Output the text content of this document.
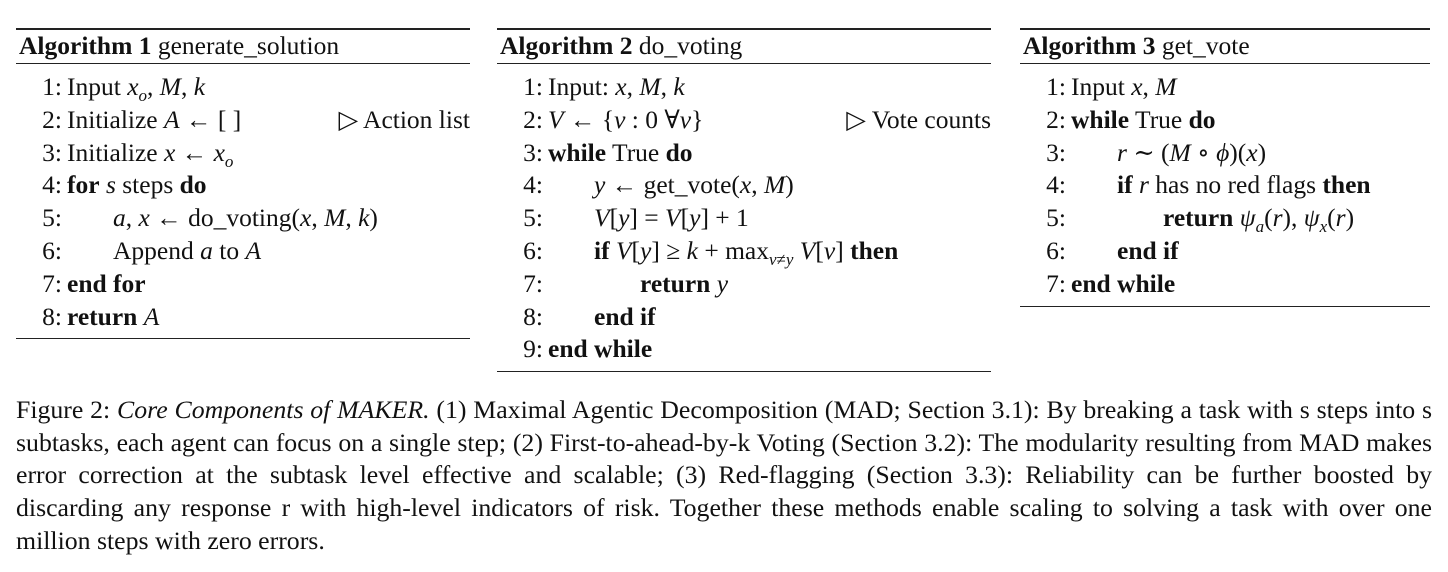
Algorithm 1 generate_solution
1: Input $x_o$, M, k
2: Initialize A ← [ ]	▷ Action list
3: Initialize x ← $x_o$
4: for s steps do
5: a, x ← do_voting(x, M, k)
6: Append a to A
7: end for
8: return A
Algorithm 2 do_voting
1: Input: x, M, k
2: V ← {v : 0 ∀v}	▷ Vote counts
3: while True do
4: y ← get_vote(x, M)
5: V[y] = V[y] + 1
6: if $V[y] \ge k + \max_{v\ne y} V[v]$ then
7:	return y
8: end if
9: end while
Algorithm 3 get_vote
1: Input x, M
2: while True do
3: r ∼ (M ∘ ϕ)(x)
4: if r has no red flags then
5:	return $\psi_a(r)$, $\psi_x(r)$
6: end if
7: end while
Figure 2: Core Components of MAKER. (1) Maximal Agentic Decomposition (MAD; Section 3.1): By breaking a task with s steps into s subtasks, each agent can focus on a single step; (2) First-to-ahead-by-k Voting (Section 3.2): The modularity resulting from MAD makes error correction at the subtask level effective and scalable; (3) Red-flagging (Section 3.3): Reliability can be further boosted by discarding any response r with high-level indicators of risk. Together these methods enable scaling to solving a task with over one million steps with zero errors.
